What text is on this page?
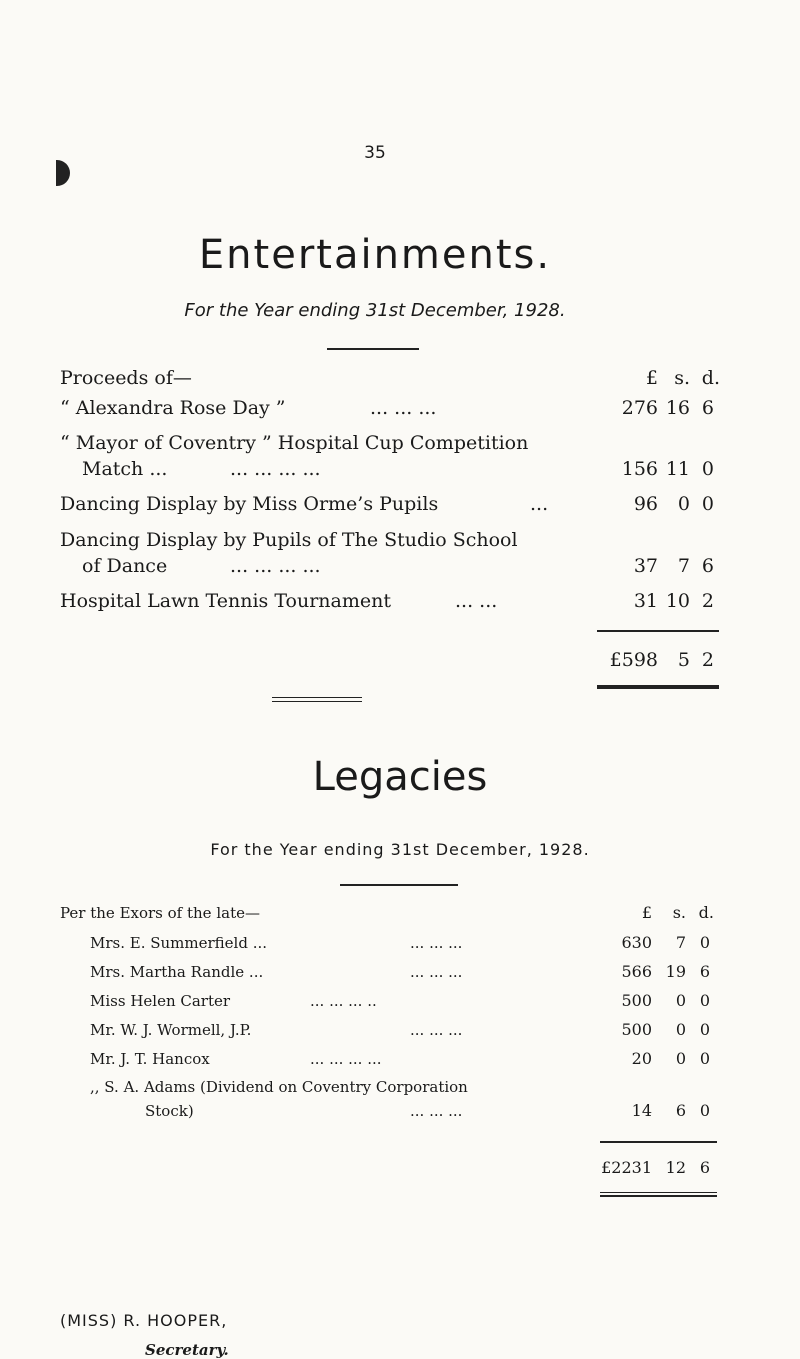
35
Entertainments.
For the Year ending 31st December, 1928.
Proceeds of—	£ s. d.
“ Alexandra Rose Day ”	... ... ...	276 16 6
“ Mayor of Coventry ” Hospital Cup Competition
Match ...	... ... ... ...	156 11 0
Dancing Display by Miss Orme’s Pupils	...	96	0 0
Dancing Display by Pupils of The Studio School
of Dance	... ... ... ...	37	7 6
Hospital Lawn Tennis Tournament	... ...	31 10 2
£598	5 2
Legacies
For the Year ending 31st December, 1928.
Per the Exors of the late—	£	s. d.
Mrs. E. Summerfield ...	... ... ...	630	7 0
Mrs. Martha Randle ...	... ... ...	566 19 6
Miss Helen Carter	... ... ... ..	500	0 0
Mr. W. J. Wormell, J.P.	... ... ...	500	0 0
Mr. J. T. Hancox	... ... ... ...	20	0 0
,, S. A. Adams (Dividend on Coventry Corporation
Stock)	... ... ...	14	6 0
£2231 12 6
(MISS) R. HOOPER,
Secretary.
